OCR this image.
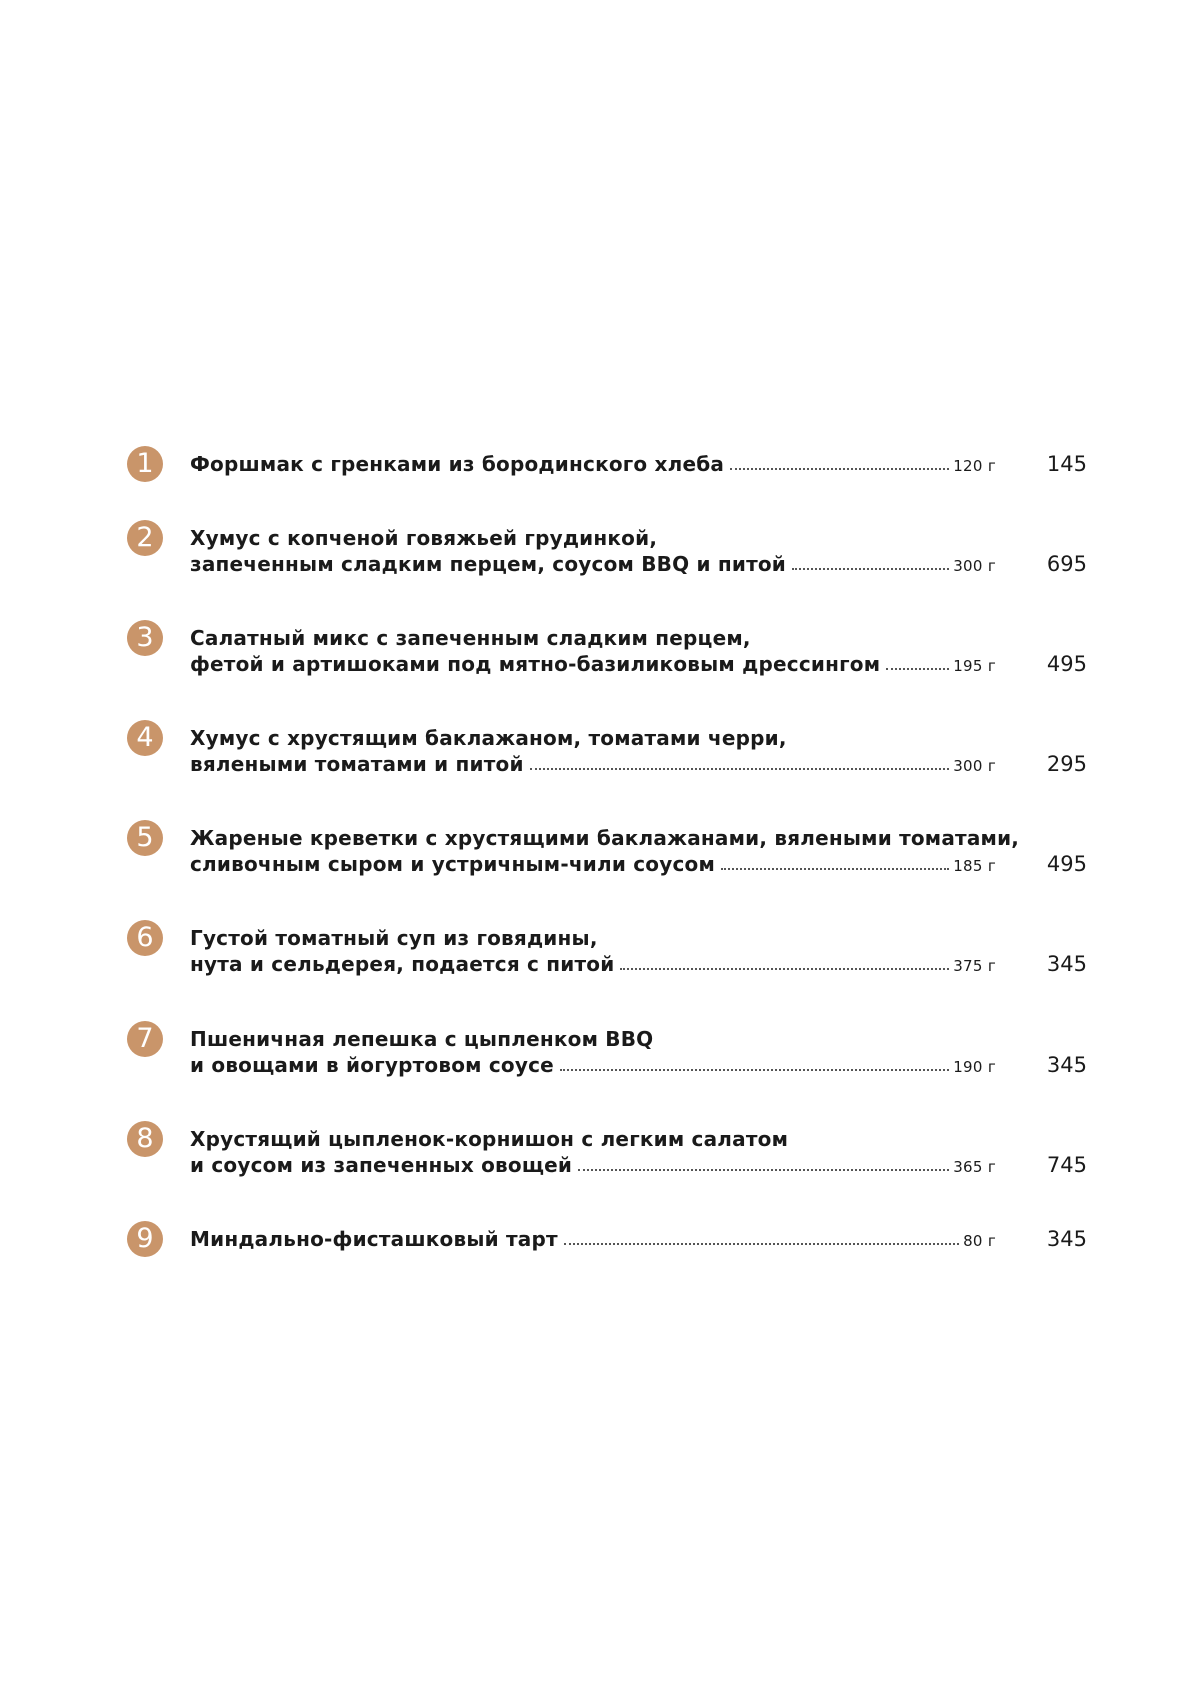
1	Форшмак с гренками из бородинского хлеба	120 г	145
2	Хумус с копченой говяжьей грудинкой,
запеченным сладким перцем, соусом BBQ и питой	300 г	695
3	Салатный микс с запеченным сладким перцем,
фетой и артишоками под мятно-базиликовым дрессингом	195 г	495
4	Хумус с хрустящим баклажаном, томатами черри,
вялеными томатами и питой	300 г	295
5	Жареные креветки с хрустящими баклажанами, вялеными томатами,
сливочным сыром и устричным-чили соусом	185 г	495
6	Густой томатный суп из говядины,
нута и сельдерея, подается с питой	375 г	345
7	Пшеничная лепешка с цыпленком BBQ
и овощами в йогуртовом соусе	190 г	345
8	Хрустящий цыпленок-корнишон с легким салатом
и соусом из запеченных овощей	365 г	745
9	Миндально-фисташковый тарт	80 г	345
